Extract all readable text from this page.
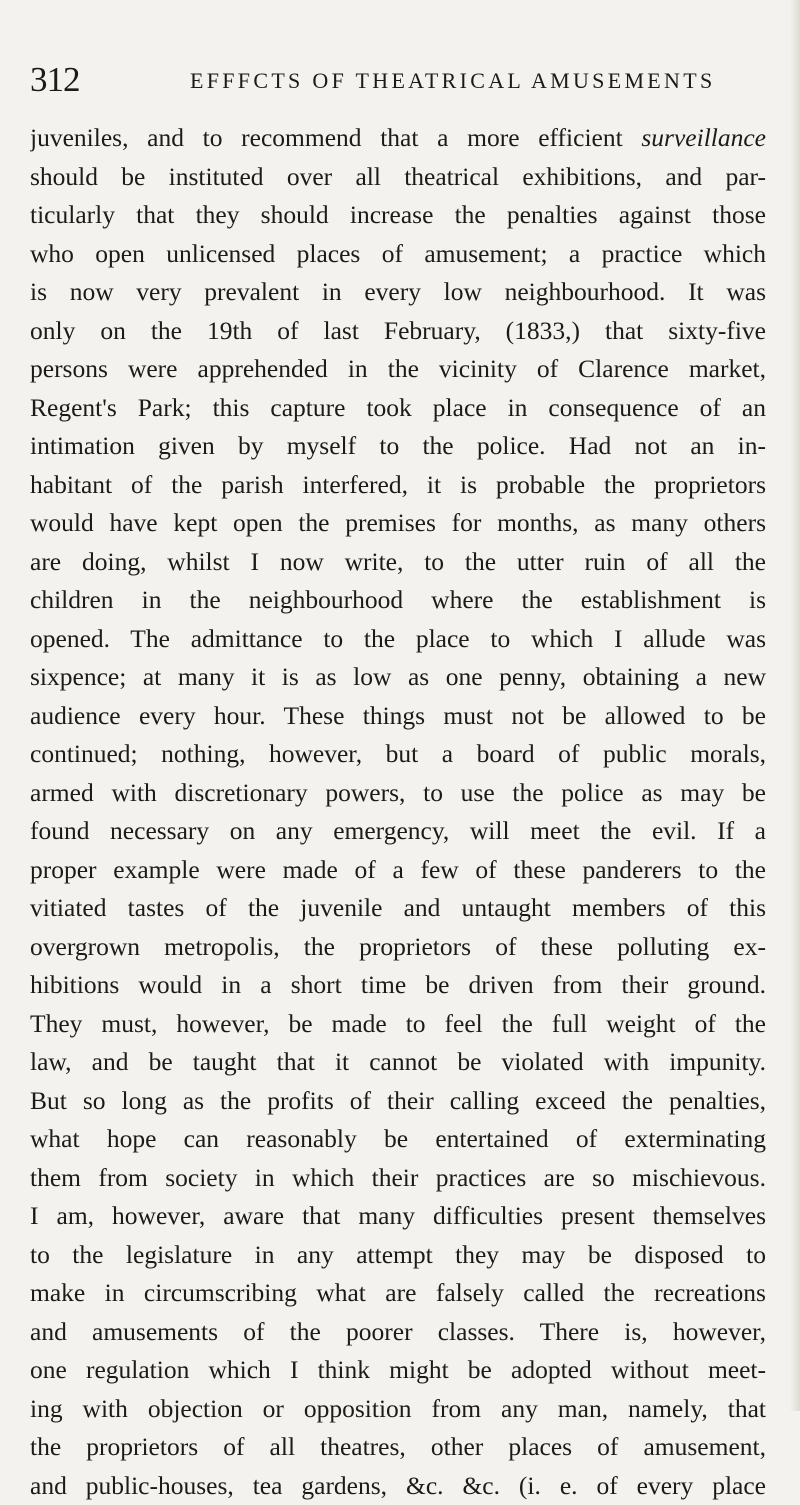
312	EFFFCTS OF THEATRICAL AMUSEMENTS
juveniles, and to recommend that a more efficient surveillance
should be instituted over all theatrical exhibitions, and par-
ticularly that they should increase the penalties against those
who open unlicensed places of amusement; a practice which
is now very prevalent in every low neighbourhood. It was
only on the 19th of last February, (1833,) that sixty-five
persons were apprehended in the vicinity of Clarence market,
Regent's Park; this capture took place in consequence of an
intimation given by myself to the police. Had not an in-
habitant of the parish interfered, it is probable the proprietors
would have kept open the premises for months, as many others
are doing, whilst I now write, to the utter ruin of all the
children in the neighbourhood where the establishment is
opened. The admittance to the place to which I allude was
sixpence; at many it is as low as one penny, obtaining a new
audience every hour. These things must not be allowed to be
continued; nothing, however, but a board of public morals,
armed with discretionary powers, to use the police as may be
found necessary on any emergency, will meet the evil. If a
proper example were made of a few of these panderers to the
vitiated tastes of the juvenile and untaught members of this
overgrown metropolis, the proprietors of these polluting ex-
hibitions would in a short time be driven from their ground.
They must, however, be made to feel the full weight of the
law, and be taught that it cannot be violated with impunity.
But so long as the profits of their calling exceed the penalties,
what hope can reasonably be entertained of exterminating
them from society in which their practices are so mischievous.
I am, however, aware that many difficulties present themselves
to the legislature in any attempt they may be disposed to
make in circumscribing what are falsely called the recreations
and amusements of the poorer classes. There is, however,
one regulation which I think might be adopted without meet-
ing with objection or opposition from any man, namely, that
the proprietors of all theatres, other places of amusement,
and public-houses, tea gardens, &c. &c. (i. e. of every place
